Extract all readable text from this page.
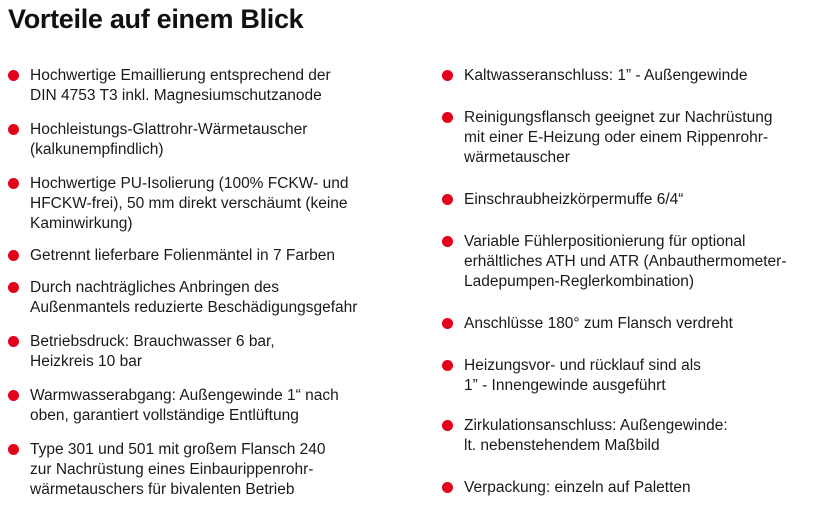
Vorteile auf einem Blick
Hochwertige Emaillierung entsprechend der
DIN 4753 T3 inkl. Magnesiumschutzanode
Hochleistungs-Glattrohr-Wärmetauscher
(kalkunempfindlich)
Hochwertige PU-Isolierung (100% FCKW- und
HFCKW-frei), 50 mm direkt verschäumt (keine
Kaminwirkung)
Getrennt lieferbare Folienmäntel in 7 Farben
Durch nachträgliches Anbringen des
Außenmantels reduzierte Beschädigungsgefahr
Betriebsdruck: Brauchwasser 6 bar,
Heizkreis 10 bar
Warmwasserabgang: Außengewinde 1“ nach
oben, garantiert vollständige Entlüftung
Type 301 und 501 mit großem Flansch 240
zur Nachrüstung eines Einbaurippenrohr-
wärmetauschers für bivalenten Betrieb
Kaltwasseranschluss: 1” - Außengewinde
Reinigungsflansch geeignet zur Nachrüstung
mit einer E-Heizung oder einem Rippenrohr-
wärmetauscher
Einschraubheizkörpermuffe 6/4“
Variable Fühlerpositionierung für optional
erhältliches ATH und ATR (Anbauthermometer-
Ladepumpen-Reglerkombination)
Anschlüsse 180° zum Flansch verdreht
Heizungsvor- und rücklauf sind als
1” - Innengewinde ausgeführt
Zirkulationsanschluss: Außengewinde:
lt. nebenstehendem Maßbild
Verpackung: einzeln auf Paletten
